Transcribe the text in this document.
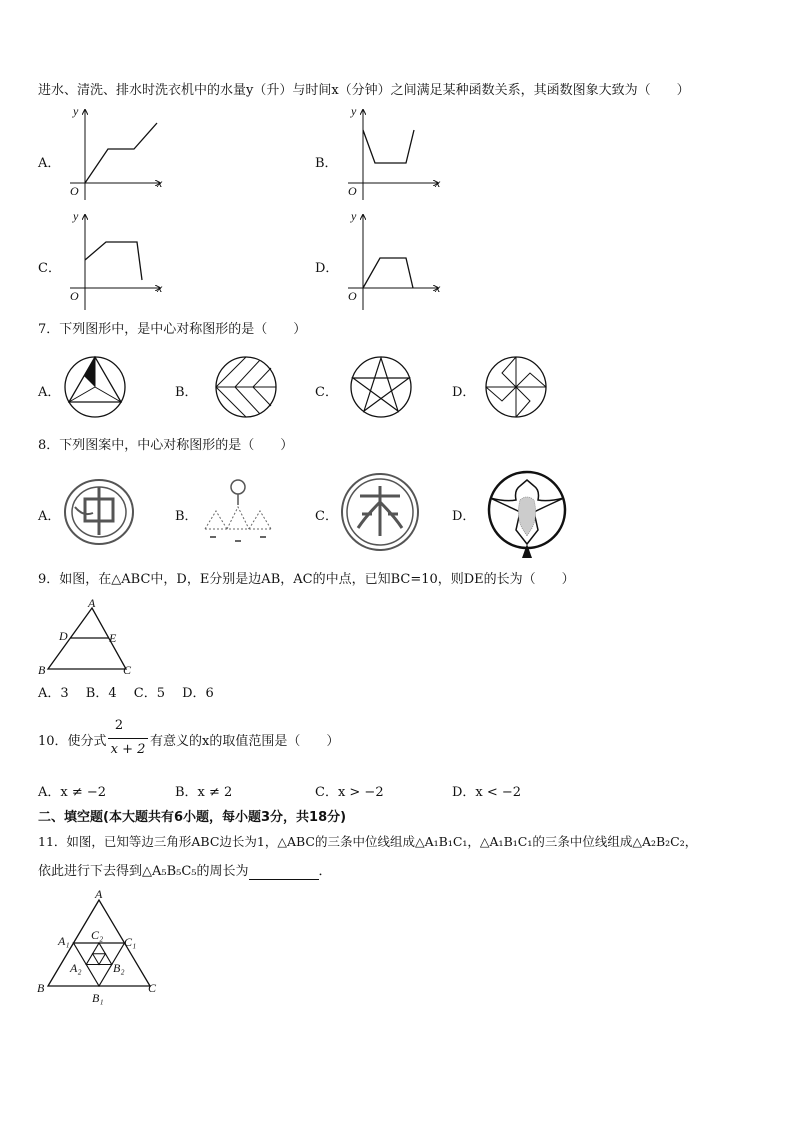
进水、清洗、排水时洗衣机中的水量y（升）与时间x（分钟）之间满足某种函数关系，其函数图象大致为（　　）
A．	B．
C．	D．
y
x
O
y
x
O
y
x
O
y
x
O
7．下列图形中，是中心对称图形的是（　　）
A．	B．	C．	D．
8．下列图案中，中心对称图形的是（　　）
A．	B．	C．	D．
9．如图，在△ABC中，D，E分别是边AB，AC的中点，已知BC=10，则DE的长为（　　）
A
D	E
B	C
A．3　 B．4　 C．5　 D．6
10．使分式
2
x + 2
有意义的x的取值范围是（　　）
A．x ≠ −2	B．x ≠ 2	C．x > −2	D．x < −2
二、填空题(本大题共有6小题，每小题3分，共18分)
11．如图，已知等边三角形ABC边长为1，△ABC的三条中位线组成△A₁B₁C₁，△A₁B₁C₁的三条中位线组成△A₂B₂C₂，
依此进行下去得到△A₅B₅C₅的周长为	．
A
A₁	C₁
C₂
A₂	B₂
B	C
B₁
